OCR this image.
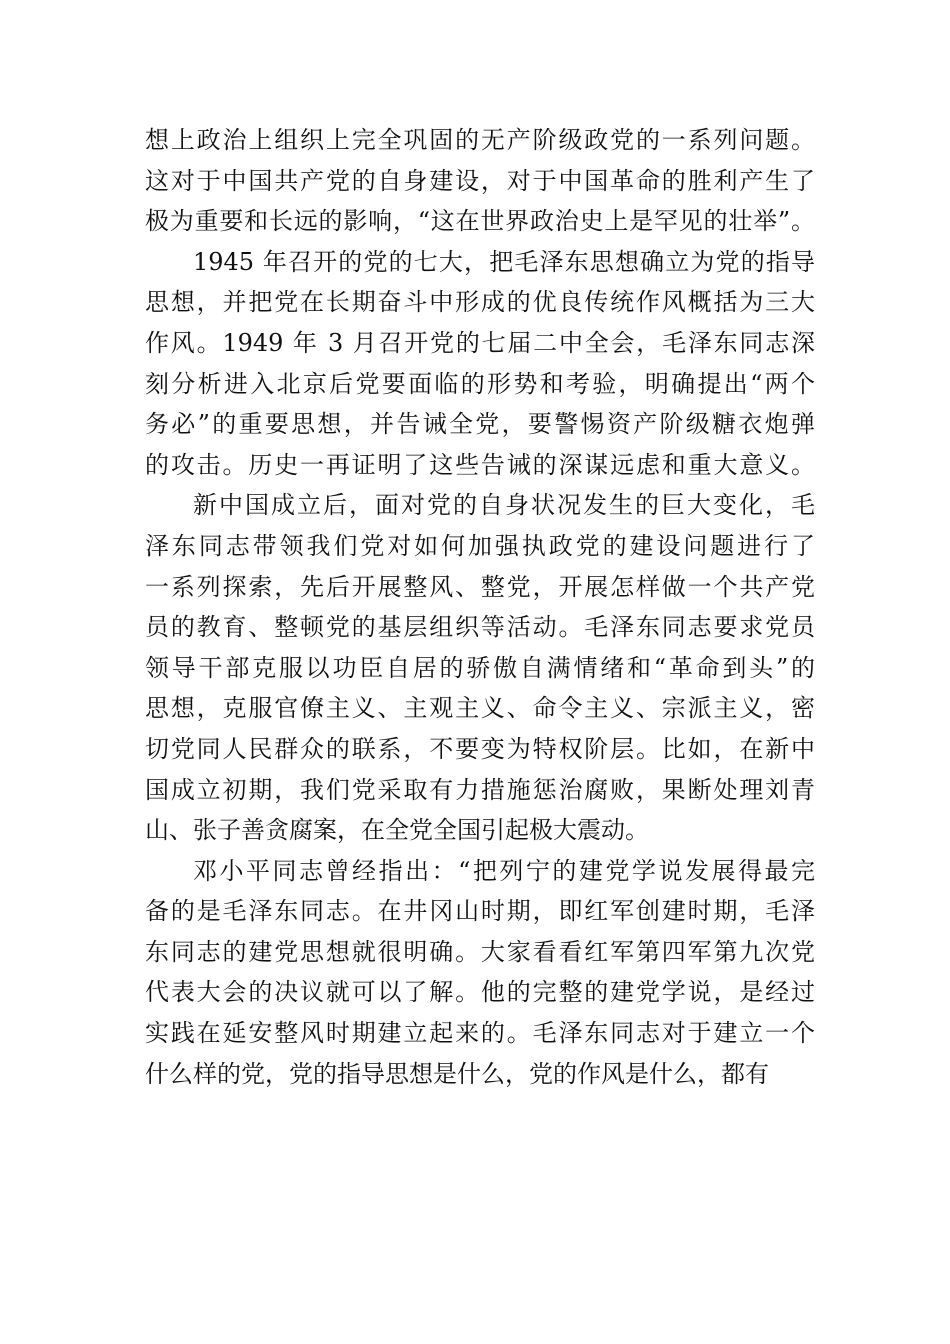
想上政治上组织上完全巩固的无产阶级政党的一系列问题。
这对于中国共产党的自身建设，对于中国革命的胜利产生了
极为重要和长远的影响，“这在世界政治史上是罕见的壮举”。
1945 年召开的党的七大，把毛泽东思想确立为党的指导
思想，并把党在长期奋斗中形成的优良传统作风概括为三大
作风。1949 年 3 月召开党的七届二中全会，毛泽东同志深
刻分析进入北京后党要面临的形势和考验，明确提出“两个
务必”的重要思想，并告诫全党，要警惕资产阶级糖衣炮弹
的攻击。历史一再证明了这些告诫的深谋远虑和重大意义。
新中国成立后，面对党的自身状况发生的巨大变化，毛
泽东同志带领我们党对如何加强执政党的建设问题进行了
一系列探索，先后开展整风、整党，开展怎样做一个共产党
员的教育、整顿党的基层组织等活动。毛泽东同志要求党员
领导干部克服以功臣自居的骄傲自满情绪和“革命到头”的
思想，克服官僚主义、主观主义、命令主义、宗派主义，密
切党同人民群众的联系，不要变为特权阶层。比如，在新中
国成立初期，我们党采取有力措施惩治腐败，果断处理刘青
山、张子善贪腐案，在全党全国引起极大震动。
邓小平同志曾经指出：“把列宁的建党学说发展得最完
备的是毛泽东同志。在井冈山时期，即红军创建时期，毛泽
东同志的建党思想就很明确。大家看看红军第四军第九次党
代表大会的决议就可以了解。他的完整的建党学说，是经过
实践在延安整风时期建立起来的。毛泽东同志对于建立一个
什么样的党，党的指导思想是什么，党的作风是什么，都有
